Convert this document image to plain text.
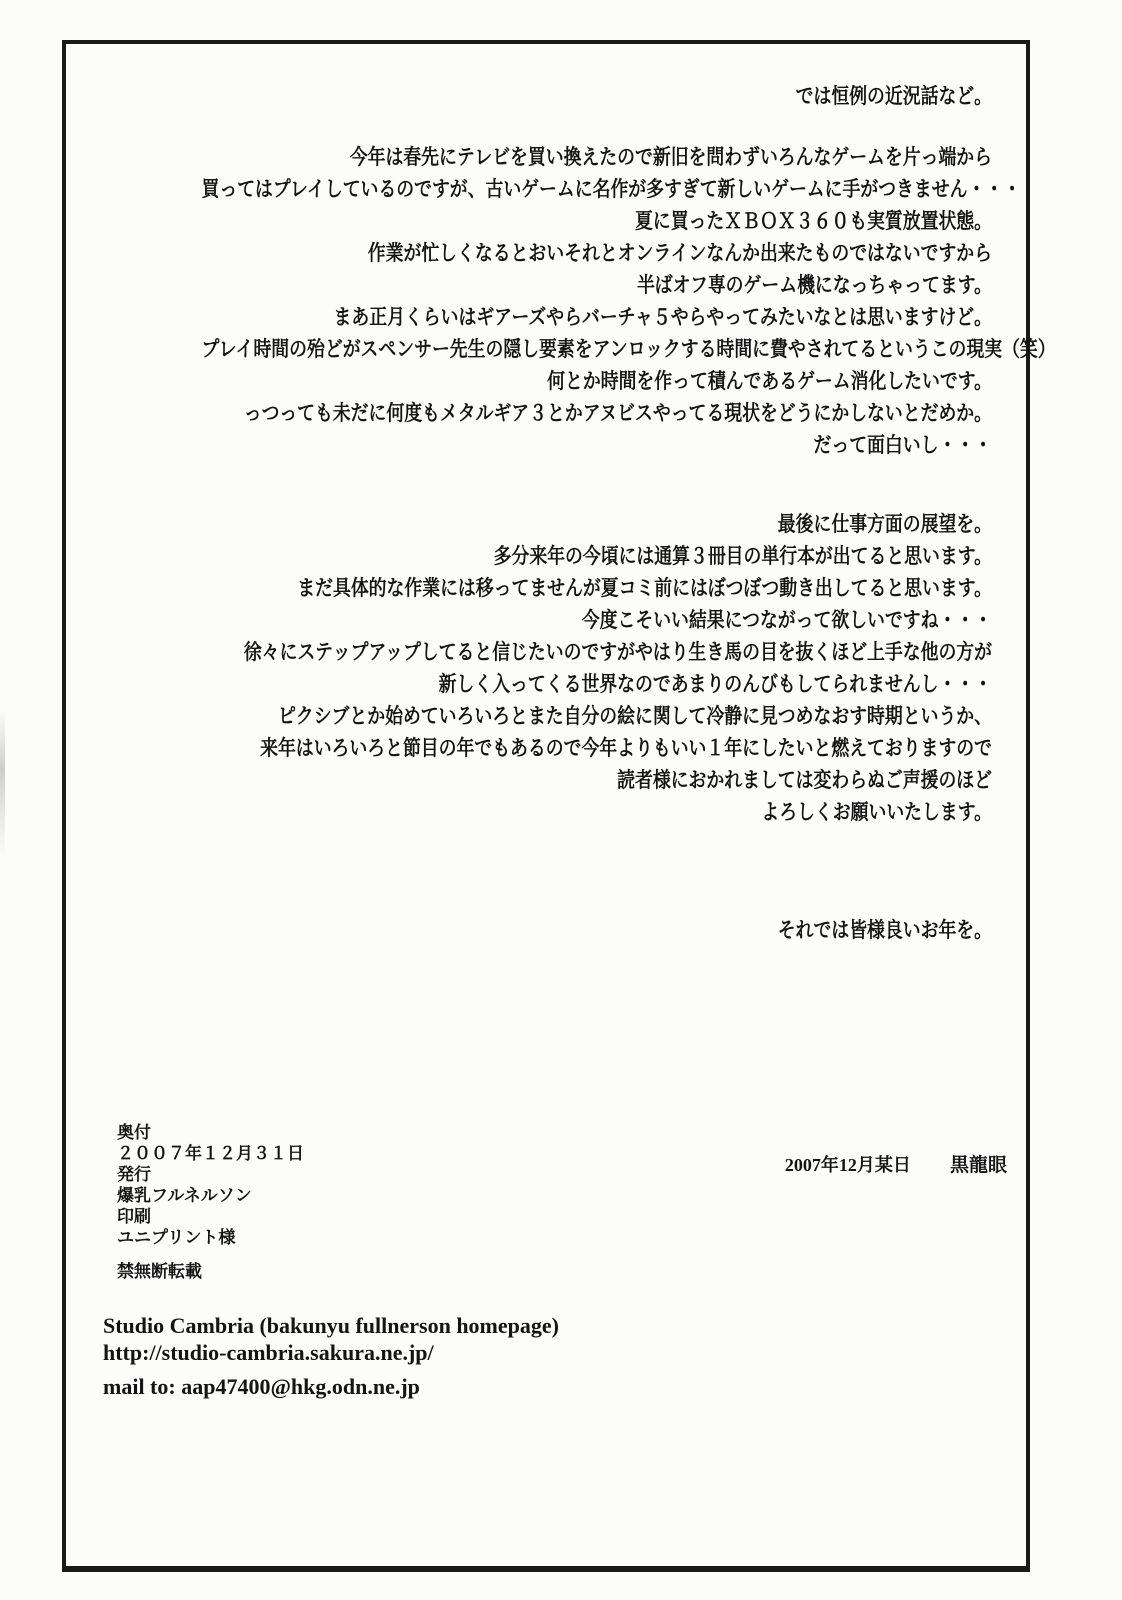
では恒例の近況話など。
今年は春先にテレビを買い換えたので新旧を問わずいろんなゲームを片っ端から
買ってはプレイしているのですが、古いゲームに名作が多すぎて新しいゲームに手がつきません・・・
夏に買ったＸＢＯＸ３６０も実質放置状態。
作業が忙しくなるとおいそれとオンラインなんか出来たものではないですから
半ばオフ専のゲーム機になっちゃってます。
まあ正月くらいはギアーズやらバーチャ５やらやってみたいなとは思いますけど。
プレイ時間の殆どがスペンサー先生の隠し要素をアンロックする時間に費やされてるというこの現実（笑）
何とか時間を作って積んであるゲーム消化したいです。
っつっても未だに何度もメタルギア３とかアヌビスやってる現状をどうにかしないとだめか。
だって面白いし・・・
最後に仕事方面の展望を。
多分来年の今頃には通算３冊目の単行本が出てると思います。
まだ具体的な作業には移ってませんが夏コミ前にはぼつぼつ動き出してると思います。
今度こそいい結果につながって欲しいですね・・・
徐々にステップアップしてると信じたいのですがやはり生き馬の目を抜くほど上手な他の方が
新しく入ってくる世界なのであまりのんびもしてられませんし・・・
ピクシブとか始めていろいろとまた自分の絵に関して冷静に見つめなおす時期というか、
来年はいろいろと節目の年でもあるので今年よりもいい１年にしたいと燃えておりますので
読者様におかれましては変わらぬご声援のほど
よろしくお願いいたします。
それでは皆様良いお年を。
奥付
２００７年１２月３１日
発行
爆乳フルネルソン
印刷
ユニプリント様
禁無断転載
2007年12月某日 黒龍眼
Studio Cambria (bakunyu fullnerson homepage)
http://studio-cambria.sakura.ne.jp/
mail to: aap47400@hkg.odn.ne.jp
